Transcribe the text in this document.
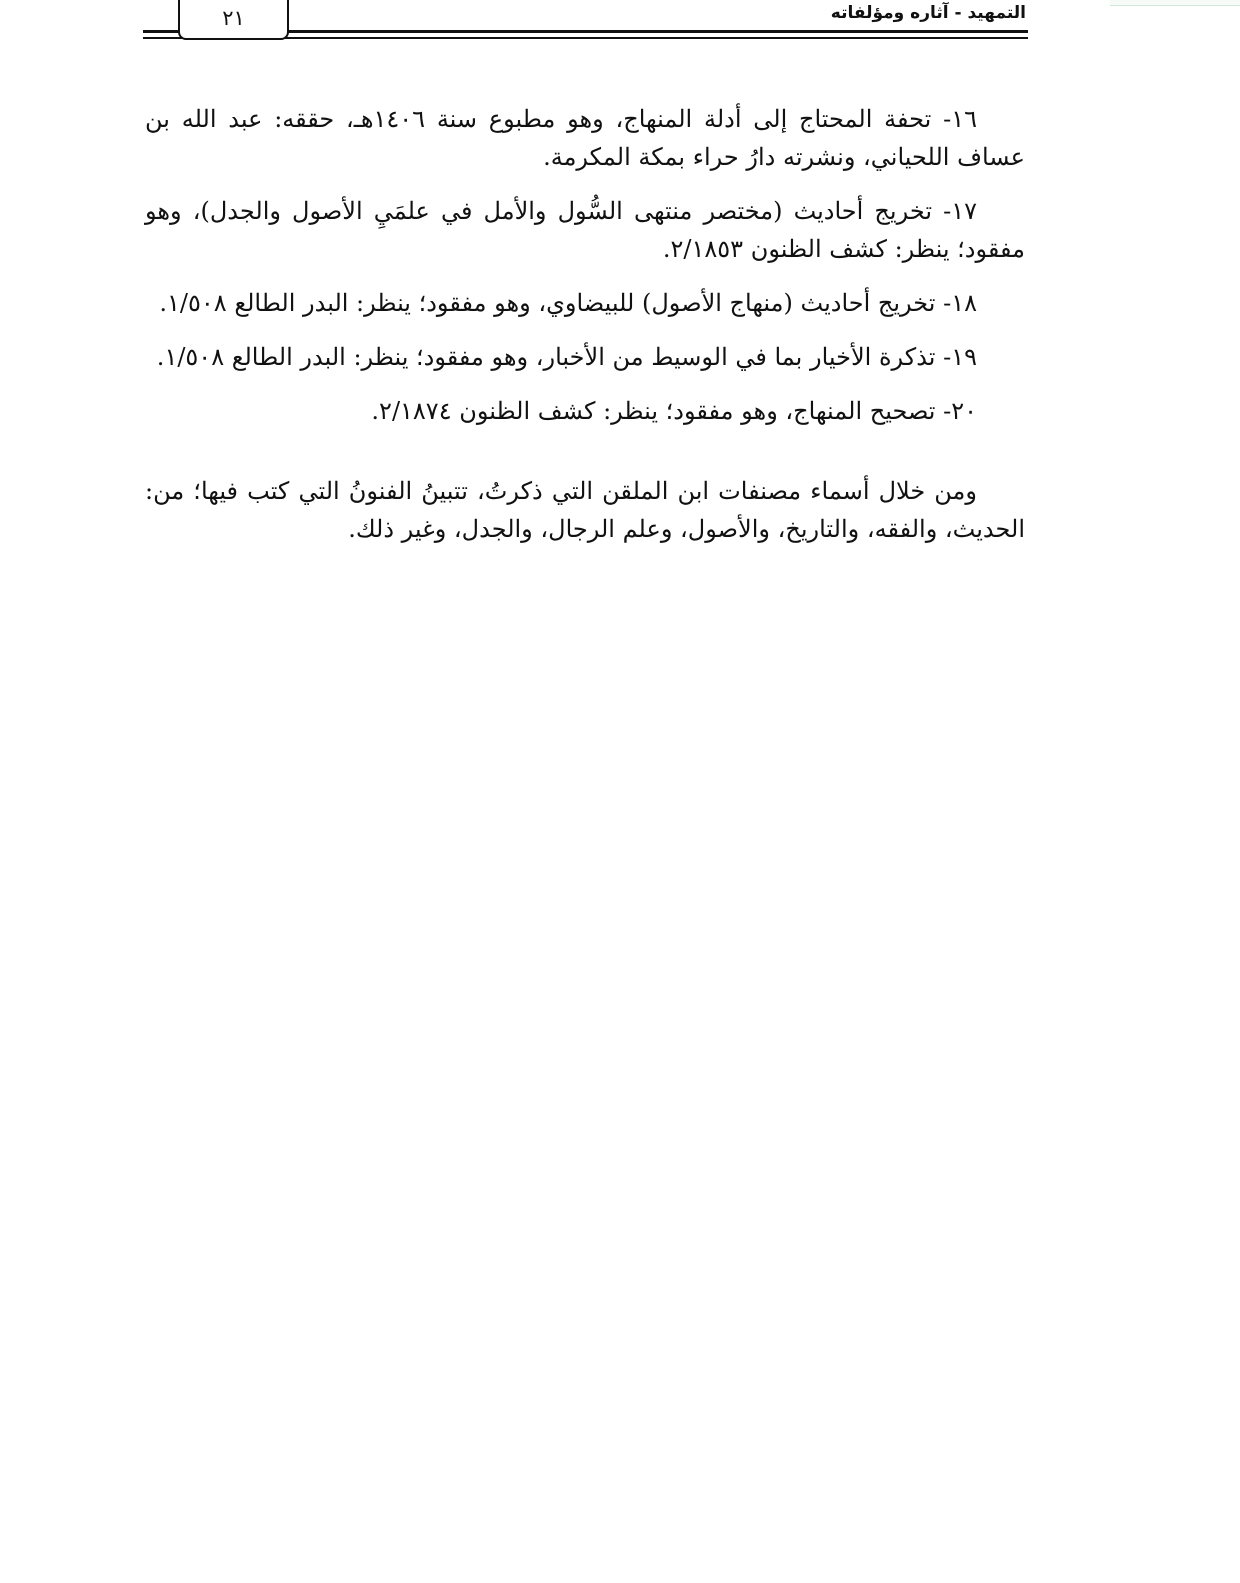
٢١	التمهيد - آثاره ومؤلفاته

١٦- تحفة المحتاج إلى أدلة المنهاج، وهو مطبوع سنة ١٤٠٦هـ، حققه: عبد الله بن عساف اللحياني، ونشرته دارُ حراء بمكة المكرمة.

١٧- تخريج أحاديث (مختصر منتهى السُّول والأمل في علمَيِ الأصول والجدل)، وهو مفقود؛ ينظر: كشف الظنون ٢/١٨٥٣.

١٨- تخريج أحاديث (منهاج الأصول) للبيضاوي، وهو مفقود؛ ينظر: البدر الطالع ١/٥٠٨.

١٩- تذكرة الأخيار بما في الوسيط من الأخبار، وهو مفقود؛ ينظر: البدر الطالع ١/٥٠٨.

٢٠- تصحيح المنهاج، وهو مفقود؛ ينظر: كشف الظنون ٢/١٨٧٤.

ومن خلال أسماء مصنفات ابن الملقن التي ذكرتُ، تتبينُ الفنونُ التي كتب فيها؛ من: الحديث، والفقه، والتاريخ، والأصول، وعلم الرجال، والجدل، وغير ذلك.
